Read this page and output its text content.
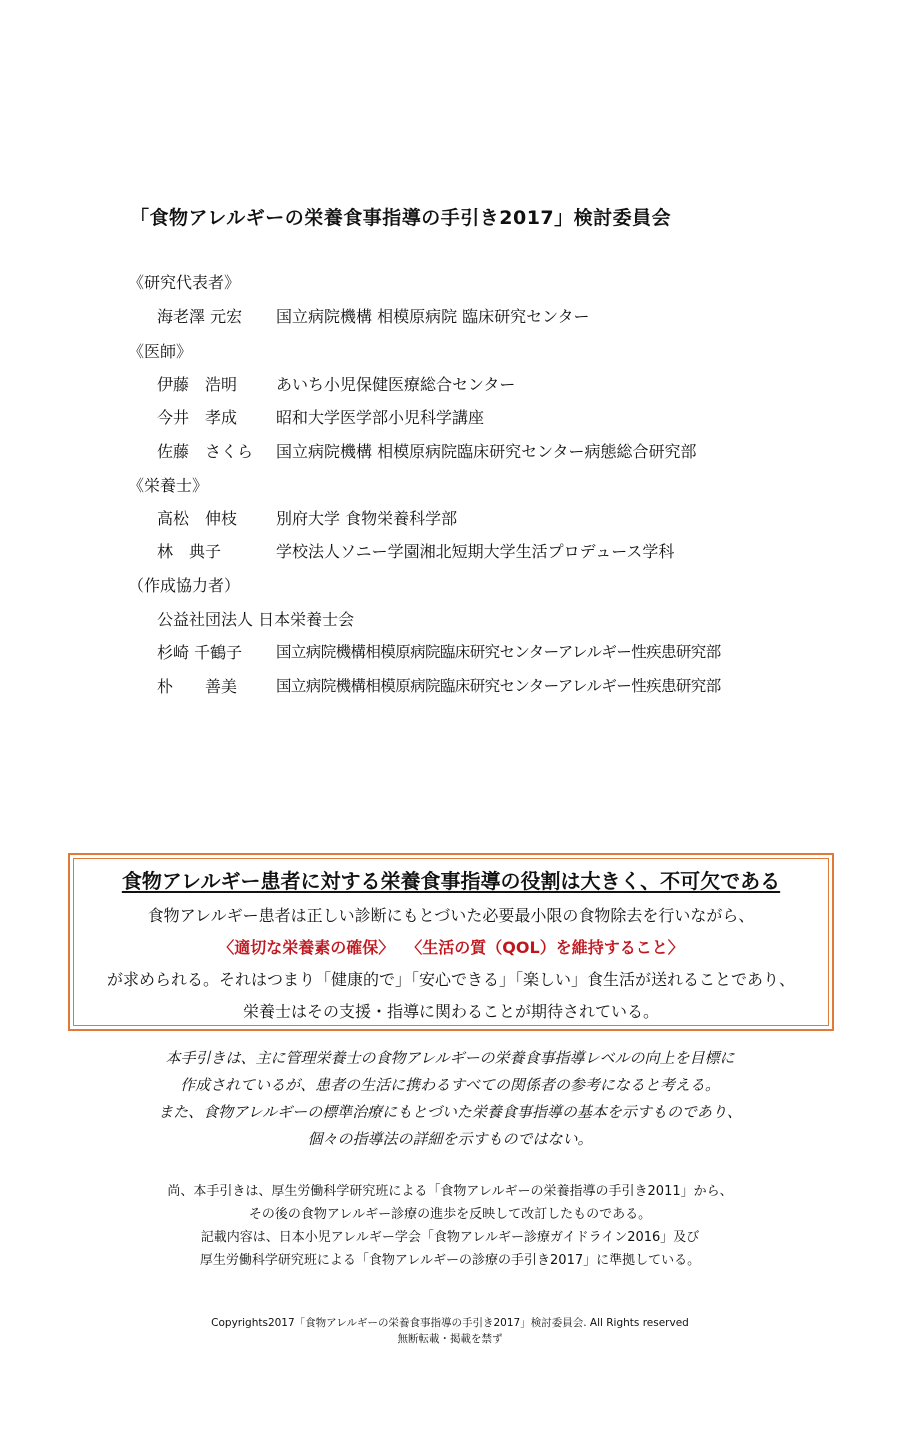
「食物アレルギーの栄養食事指導の手引き2017」検討委員会
《研究代表者》
海老澤 元宏 国立病院機構 相模原病院 臨床研究センター
《医師》
伊藤　浩明 あいち小児保健医療総合センター
今井　孝成 昭和大学医学部小児科学講座
佐藤　さくら 国立病院機構 相模原病院臨床研究センター病態総合研究部
《栄養士》
高松　伸枝 別府大学 食物栄養科学部
林　典子	学校法人ソニー学園湘北短期大学生活プロデュース学科
（作成協力者）
公益社団法人 日本栄養士会
杉崎 千鶴子 国立病院機構相模原病院臨床研究センターアレルギー性疾患研究部
朴　　善美	国立病院機構相模原病院臨床研究センターアレルギー性疾患研究部
食物アレルギー患者に対する栄養食事指導の役割は大きく、不可欠である
食物アレルギー患者は正しい診断にもとづいた必要最小限の食物除去を行いながら、
〈適切な栄養素の確保〉 〈生活の質（QOL）を維持すること〉
が求められる。それはつまり「健康的で」「安心できる」「楽しい」食生活が送れることであり、
栄養士はその支援・指導に関わることが期待されている。
本手引きは、主に管理栄養士の食物アレルギーの栄養食事指導レベルの向上を目標に
作成されているが、患者の生活に携わるすべての関係者の参考になると考える。
また、食物アレルギーの標準治療にもとづいた栄養食事指導の基本を示すものであり、
個々の指導法の詳細を示すものではない。
尚、本手引きは、厚生労働科学研究班による「食物アレルギーの栄養指導の手引き2011」から、
その後の食物アレルギー診療の進歩を反映して改訂したものである。
記載内容は、日本小児アレルギー学会「食物アレルギー診療ガイドライン2016」及び
厚生労働科学研究班による「食物アレルギーの診療の手引き2017」に準拠している。
Copyrights2017「食物アレルギーの栄養食事指導の手引き2017」検討委員会. All Rights reserved
無断転載・掲載を禁ず
